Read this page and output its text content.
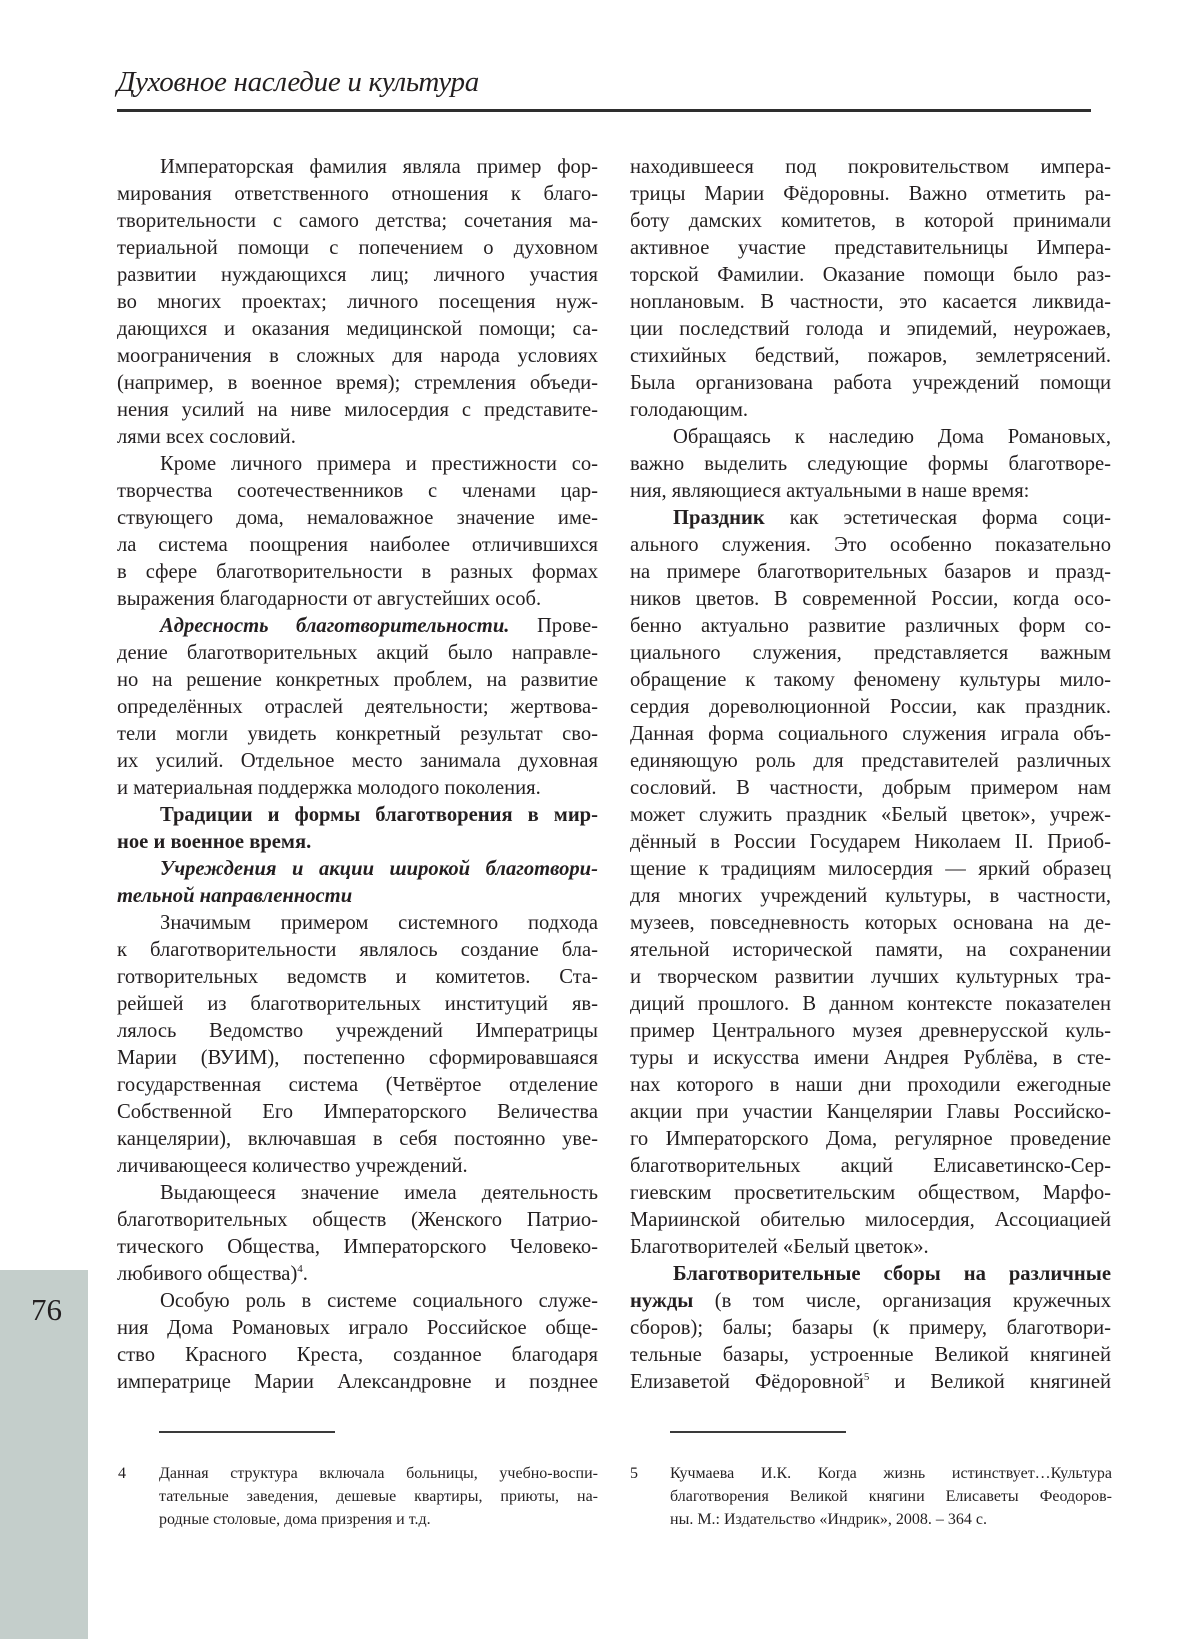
Духовное наследие и культура
Императорская фамилия являла пример фор-
мирования ответственного отношения к благо-
творительности с самого детства; сочетания ма-
териальной помощи с попечением о духовном
развитии нуждающихся лиц; личного участия
во многих проектах; личного посещения нуж-
дающихся и оказания медицинской помощи; са-
моограничения в сложных для народа условиях
(например, в военное время); стремления объеди-
нения усилий на ниве милосердия с представите-
лями всех сословий.
Кроме личного примера и престижности со-
творчества соотечественников с членами цар-
ствующего дома, немаловажное значение име-
ла система поощрения наиболее отличившихся
в сфере благотворительности в разных формах
выражения благодарности от августейших особ.
Адресность благотворительности. Прове-
дение благотворительных акций было направле-
но на решение конкретных проблем, на развитие
определённых отраслей деятельности; жертвова-
тели могли увидеть конкретный результат сво-
их усилий. Отдельное место занимала духовная
и материальная поддержка молодого поколения.
Традиции и формы благотворения в мир-
ное и военное время.
Учреждения и акции широкой благотвори-
тельной направленности
Значимым примером системного подхода
к благотворительности являлось создание бла-
готворительных ведомств и комитетов. Ста-
рейшей из благотворительных институций яв-
лялось Ведомство учреждений Императрицы
Марии (ВУИМ), постепенно сформировавшаяся
государственная система (Четвёртое отделение
Собственной Его Императорского Величества
канцелярии), включавшая в себя постоянно уве-
личивающееся количество учреждений.
Выдающееся значение имела деятельность
благотворительных обществ (Женского Патрио-
тического Общества, Императорского Человеко-
любивого общества)4.
Особую роль в системе социального служе-
ния Дома Романовых играло Российское обще-
ство Красного Креста, созданное благодаря
императрице Марии Александровне и позднее
находившееся под покровительством импера-
трицы Марии Фёдоровны. Важно отметить ра-
боту дамских комитетов, в которой принимали
активное участие представительницы Импера-
торской Фамилии. Оказание помощи было раз-
ноплановым. В частности, это касается ликвида-
ции последствий голода и эпидемий, неурожаев,
стихийных бедствий, пожаров, землетрясений.
Была организована работа учреждений помощи
голодающим.
Обращаясь к наследию Дома Романовых,
важно выделить следующие формы благотворе-
ния, являющиеся актуальными в наше время:
Праздник как эстетическая форма соци-
ального служения. Это особенно показательно
на примере благотворительных базаров и празд-
ников цветов. В современной России, когда осо-
бенно актуально развитие различных форм со-
циального служения, представляется важным
обращение к такому феномену культуры мило-
сердия дореволюционной России, как праздник.
Данная форма социального служения играла объ-
единяющую роль для представителей различных
сословий. В частности, добрым примером нам
может служить праздник «Белый цветок», учреж-
дённый в России Государем Николаем II. Приоб-
щение к традициям милосердия — яркий образец
для многих учреждений культуры, в частности,
музеев, повседневность которых основана на де-
ятельной исторической памяти, на сохранении
и творческом развитии лучших культурных тра-
диций прошлого. В данном контексте показателен
пример Центрального музея древнерусской куль-
туры и искусства имени Андрея Рублёва, в сте-
нах которого в наши дни проходили ежегодные
акции при участии Канцелярии Главы Российско-
го Императорского Дома, регулярное проведение
благотворительных акций Елисаветинско-Сер-
гиевским просветительским обществом, Марфо-
Мариинской обителью милосердия, Ассоциацией
Благотворителей «Белый цветок».
Благотворительные сборы на различные
нужды (в том числе, организация кружечных
сборов); балы; базары (к примеру, благотвори-
тельные базары, устроенные Великой княгиней
Елизаветой Фёдоровной5 и Великой княгиней
4 Данная структура включала больницы, учебно-воспи-
тательные заведения, дешевые квартиры, приюты, на-
родные столовые, дома призрения и т.д.
5 Кучмаева И.К. Когда жизнь истинствует…Культура
благотворения Великой княгини Елисаветы Феодоров-
ны. М.: Издательство «Индрик», 2008. – 364 с.
76
